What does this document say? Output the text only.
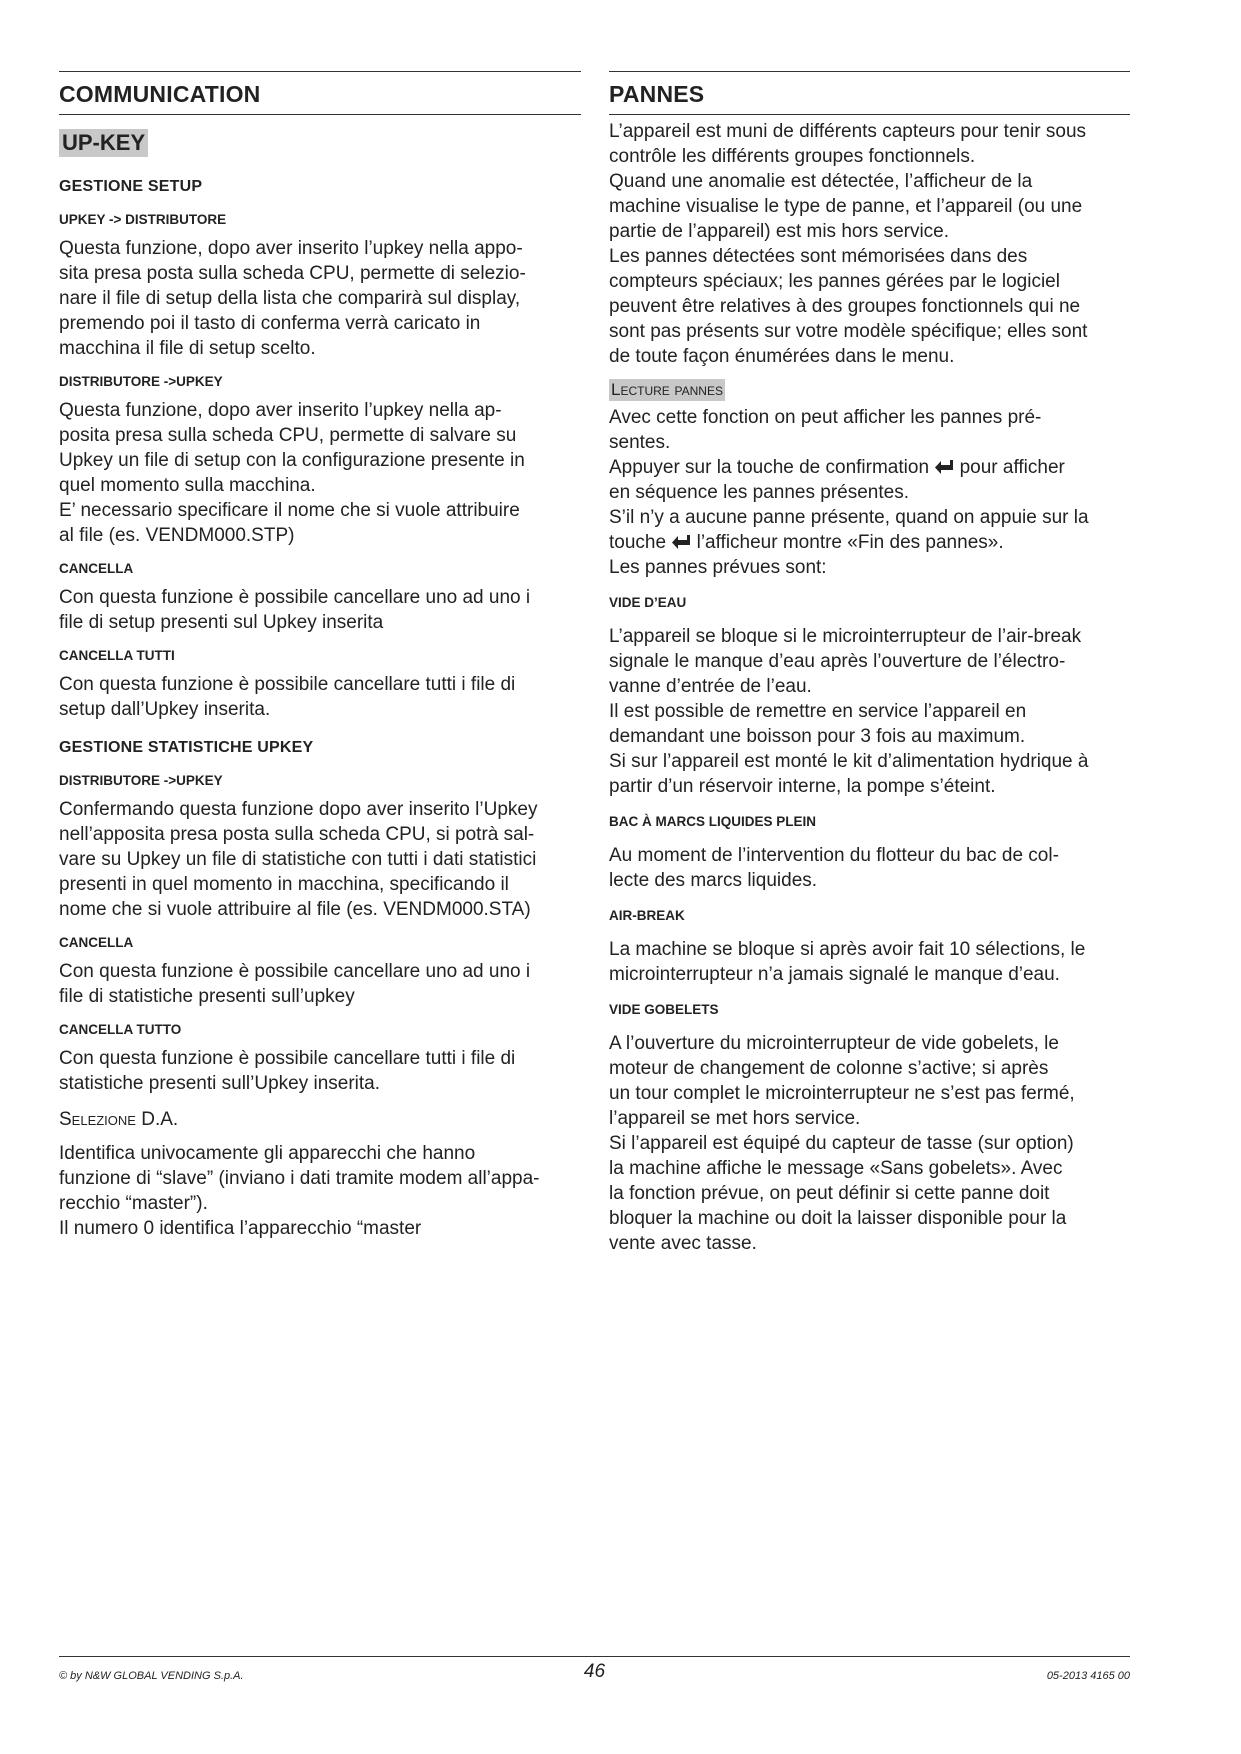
COMMUNICATION
UP-KEY
GESTIONE SETUP
UPKEY -> DISTRIBUTORE
Questa funzione, dopo aver inserito l’upkey nella appo-
sita presa posta sulla scheda CPU, permette di selezio-
nare il file di setup della lista che comparirà sul display,
premendo poi il tasto di conferma verrà caricato in
macchina il file di setup scelto.
DISTRIBUTORE ->UPKEY
Questa funzione, dopo aver inserito l’upkey nella ap-
posita presa sulla scheda CPU, permette di salvare su
Upkey un file di setup con la configurazione presente in
quel momento sulla macchina.
E’ necessario specificare il nome che si vuole attribuire
al file (es. VENDM000.STP)
CANCELLA
Con questa funzione è possibile cancellare uno ad uno i
file di setup presenti sul Upkey inserita
CANCELLA TUTTI
Con questa funzione è possibile cancellare tutti i file di
setup dall’Upkey inserita.
GESTIONE STATISTICHE UPKEY
DISTRIBUTORE ->UPKEY
Confermando questa funzione dopo aver inserito l’Upkey
nell’apposita presa posta sulla scheda CPU, si potrà sal-
vare su Upkey un file di statistiche con tutti i dati statistici
presenti in quel momento in macchina, specificando il
nome che si vuole attribuire al file (es. VENDM000.STA)
CANCELLA
Con questa funzione è possibile cancellare uno ad uno i
file di statistiche presenti sull’upkey
CANCELLA TUTTO
Con questa funzione è possibile cancellare tutti i file di
statistiche presenti sull’Upkey inserita.
Selezione D.A.
Identifica univocamente gli apparecchi che hanno
funzione di “slave” (inviano i dati tramite modem all’appa-
recchio “master”).
Il numero 0 identifica l’apparecchio “master
PANNES
L’appareil est muni de différents capteurs pour tenir sous
contrôle les différents groupes fonctionnels.
Quand une anomalie est détectée, l’afficheur de la
machine visualise le type de panne, et l’appareil (ou une
partie de l’appareil) est mis hors service.
Les pannes détectées sont mémorisées dans des
compteurs spéciaux; les pannes gérées par le logiciel
peuvent être relatives à des groupes fonctionnels qui ne
sont pas présents sur votre modèle spécifique; elles sont
de toute façon énumérées dans le menu.
Lecture pannes
Avec cette fonction on peut afficher les pannes pré-
sentes.
Appuyer sur la touche de confirmation  pour afficher
en séquence les pannes présentes.
S’il n’y a aucune panne présente, quand on appuie sur la
touche  l’afficheur montre «Fin des pannes».
Les pannes prévues sont:
VIDE D’EAU
L’appareil se bloque si le microinterrupteur de l’air-break
signale le manque d’eau après l’ouverture de l’électro-
vanne d’entrée de l’eau.
Il est possible de remettre en service l’appareil en
demandant une boisson pour 3 fois au maximum.
Si sur l’appareil est monté le kit d’alimentation hydrique à
partir d’un réservoir interne, la pompe s’éteint.
BAC À MARCS LIQUIDES PLEIN
Au moment de l’intervention du flotteur du bac de col-
lecte des marcs liquides.
AIR-BREAK
La machine se bloque si après avoir fait 10 sélections, le
microinterrupteur n’a jamais signalé le manque d’eau.
VIDE GOBELETS
A l’ouverture du microinterrupteur de vide gobelets, le
moteur de changement de colonne s’active; si après
un tour complet le microinterrupteur ne s’est pas fermé,
l’appareil se met hors service.
Si l’appareil est équipé du capteur de tasse (sur option)
la machine affiche le message «Sans gobelets». Avec
la fonction prévue, on peut définir si cette panne doit
bloquer la machine ou doit la laisser disponible pour la
vente avec tasse.
© by N&W GLOBAL VENDING S.p.A.	46	05-2013 4165 00
